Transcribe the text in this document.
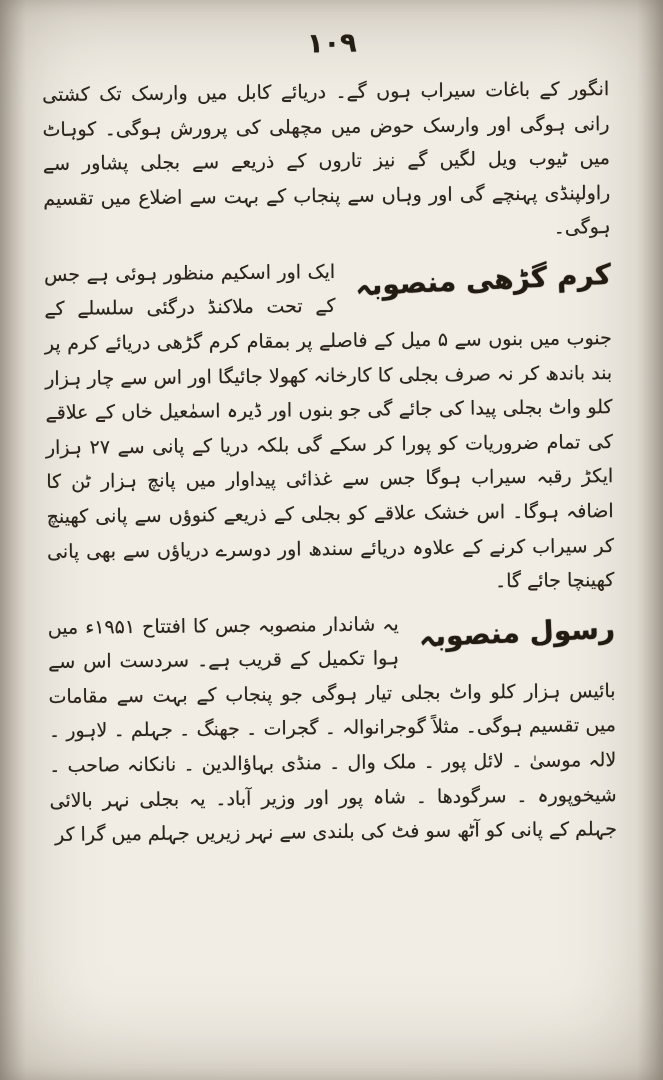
۱۰۹

انگور کے باغات سیراب ہوں گے۔ دریائے کابل میں وارسک تک کشتی رانی ہوگی اور وارسک حوض میں مچھلی کی پرورش ہوگی۔ کوہاٹ میں ٹیوب ویل لگیں گے نیز تاروں کے ذریعے سے بجلی پشاور سے راولپنڈی پہنچے گی اور وہاں سے پنجاب کے بہت سے اضلاع میں تقسیم ہوگی۔

کرم گڑھی منصوبہ
ایک اور اسکیم منظور ہوئی ہے جس کے تحت ملاکنڈ درگئی سلسلے کے جنوب میں بنوں سے ۵ میل کے فاصلے پر بمقام کرم گڑھی دریائے کرم پر بند باندھ کر نہ صرف بجلی کا کارخانہ کھولا جائیگا اور اس سے چار ہزار کلو واٹ بجلی پیدا کی جائے گی جو بنوں اور ڈیرہ اسمٰعیل خاں کے علاقے کی تمام ضروریات کو پورا کر سکے گی بلکہ دریا کے پانی سے ۲۷ ہزار ایکڑ رقبہ سیراب ہوگا جس سے غذائی پیداوار میں پانچ ہزار ٹن کا اضافہ ہوگا۔ اس خشک علاقے کو بجلی کے ذریعے کنوؤں سے پانی کھینچ کر سیراب کرنے کے علاوہ دریائے سندھ اور دوسرے دریاؤں سے بھی پانی کھینچا جائے گا۔

رسول منصوبہ
یہ شاندار منصوبہ جس کا افتتاح ۱۹۵۱ء میں ہوا تکمیل کے قریب ہے۔ سردست اس سے بائیس ہزار کلو واٹ بجلی تیار ہوگی جو پنجاب کے بہت سے مقامات میں تقسیم ہوگی۔ مثلاً گوجرانوالہ ۔ گجرات ۔ جھنگ ۔ جہلم ۔ لاہور ۔ لالہ موسیٰ ۔ لائل پور ۔ ملک وال ۔ منڈی بہاؤالدین ۔ نانکانہ صاحب ۔ شیخوپورہ ۔ سرگودھا ۔ شاہ پور اور وزیر آباد۔ یہ بجلی نہر بالائی جہلم کے پانی کو آٹھ سو فٹ کی بلندی سے نہر زیریں جہلم میں گرا کر
